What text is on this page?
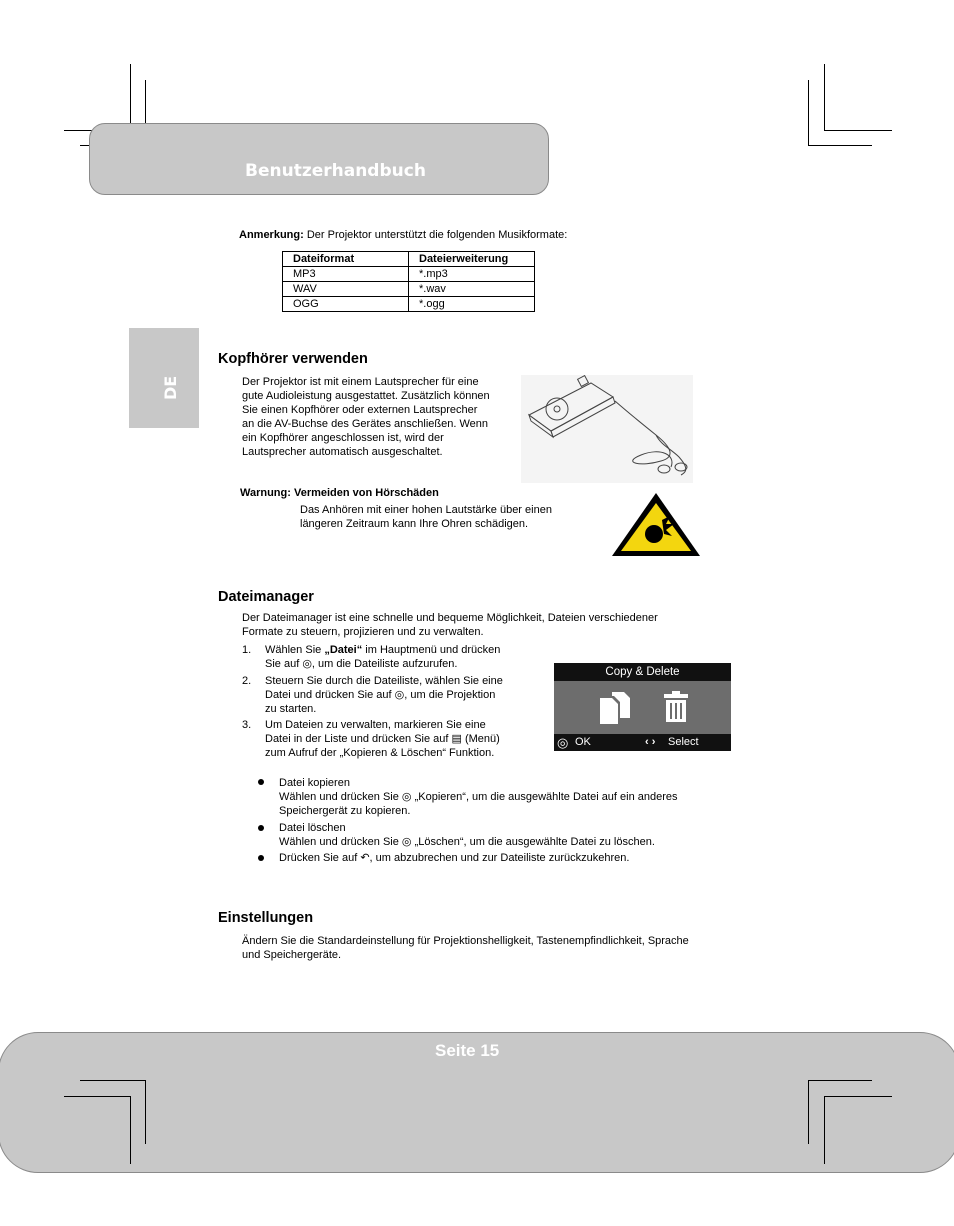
Benutzerhandbuch
DE
Anmerkung: Der Projektor unterstützt die folgenden Musikformate:
Dateiformat	Dateierweiterung
MP3	*.mp3
WAV	*.wav
OGG	*.ogg
Kopfhörer verwenden
Der Projektor ist mit einem Lautsprecher für eine
gute Audioleistung ausgestattet. Zusätzlich können
Sie einen Kopfhörer oder externen Lautsprecher
an die AV-Buchse des Gerätes anschließen. Wenn
ein Kopfhörer angeschlossen ist, wird der
Lautsprecher automatisch ausgeschaltet.
Warnung: Vermeiden von Hörschäden
Das Anhören mit einer hohen Lautstärke über einen
längeren Zeitraum kann Ihre Ohren schädigen.
Dateimanager
Der Dateimanager ist eine schnelle und bequeme Möglichkeit, Dateien verschiedener
Formate zu steuern, projizieren und zu verwalten.
1. Wählen Sie „Datei“ im Hauptmenü und drücken
Sie auf ◎, um die Dateiliste aufzurufen.
2. Steuern Sie durch die Dateiliste, wählen Sie eine
Datei und drücken Sie auf ◎, um die Projektion
zu starten.
3. Um Dateien zu verwalten, markieren Sie eine
Datei in der Liste und drücken Sie auf ▤ (Menü)
zum Aufruf der „Kopieren & Löschen“ Funktion.
Copy & Delete
◎ OK	‹ › Select
Datei kopieren
Wählen und drücken Sie ◎ „Kopieren“, um die ausgewählte Datei auf ein anderes
Speichergerät zu kopieren.
Datei löschen
Wählen und drücken Sie ◎ „Löschen“, um die ausgewählte Datei zu löschen.
Drücken Sie auf ↶, um abzubrechen und zur Dateiliste zurückzukehren.
Einstellungen
Ändern Sie die Standardeinstellung für Projektionshelligkeit, Tastenempfindlichkeit, Sprache
und Speichergeräte.
Seite 15
